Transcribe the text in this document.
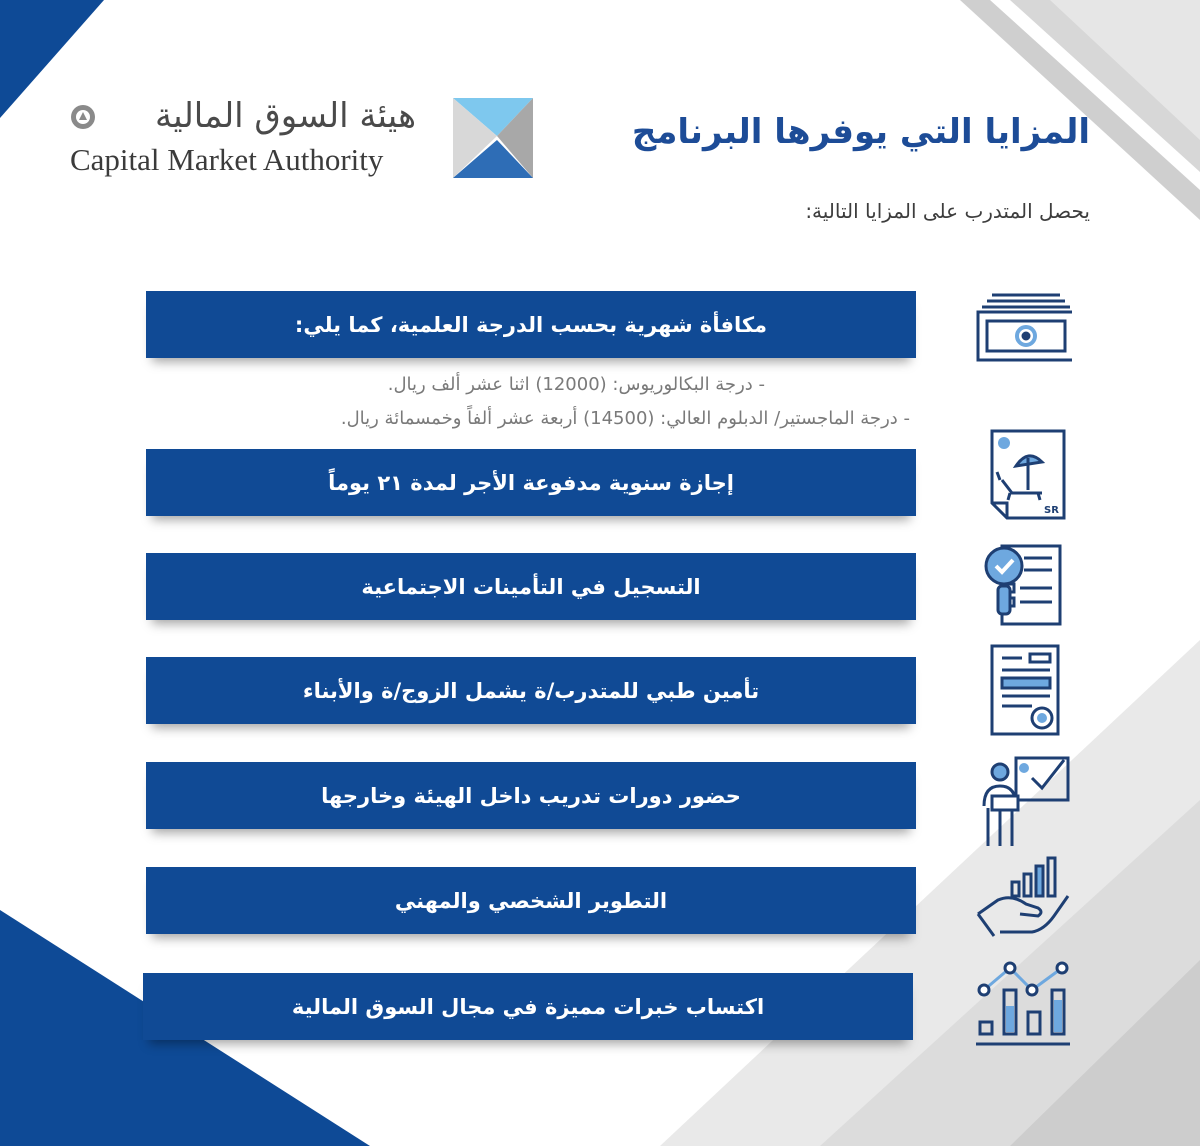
هيئة السوق المالية
Capital Market Authority
المزايا التي يوفرها البرنامج
يحصل المتدرب على المزايا التالية:
مكافأة شهرية بحسب الدرجة العلمية، كما يلي:
- درجة البكالوريوس: (12000) اثنا عشر ألف ريال.
- درجة الماجستير/ الدبلوم العالي: (14500) أربعة عشر ألفاً وخمسمائة ريال.
إجازة سنوية مدفوعة الأجر لمدة ٢١ يوماً
التسجيل في التأمينات الاجتماعية
تأمين طبي للمتدرب/ة يشمل الزوج/ة والأبناء
حضور دورات تدريب داخل الهيئة وخارجها
التطوير الشخصي والمهني
اكتساب خبرات مميزة في مجال السوق المالية
SR
